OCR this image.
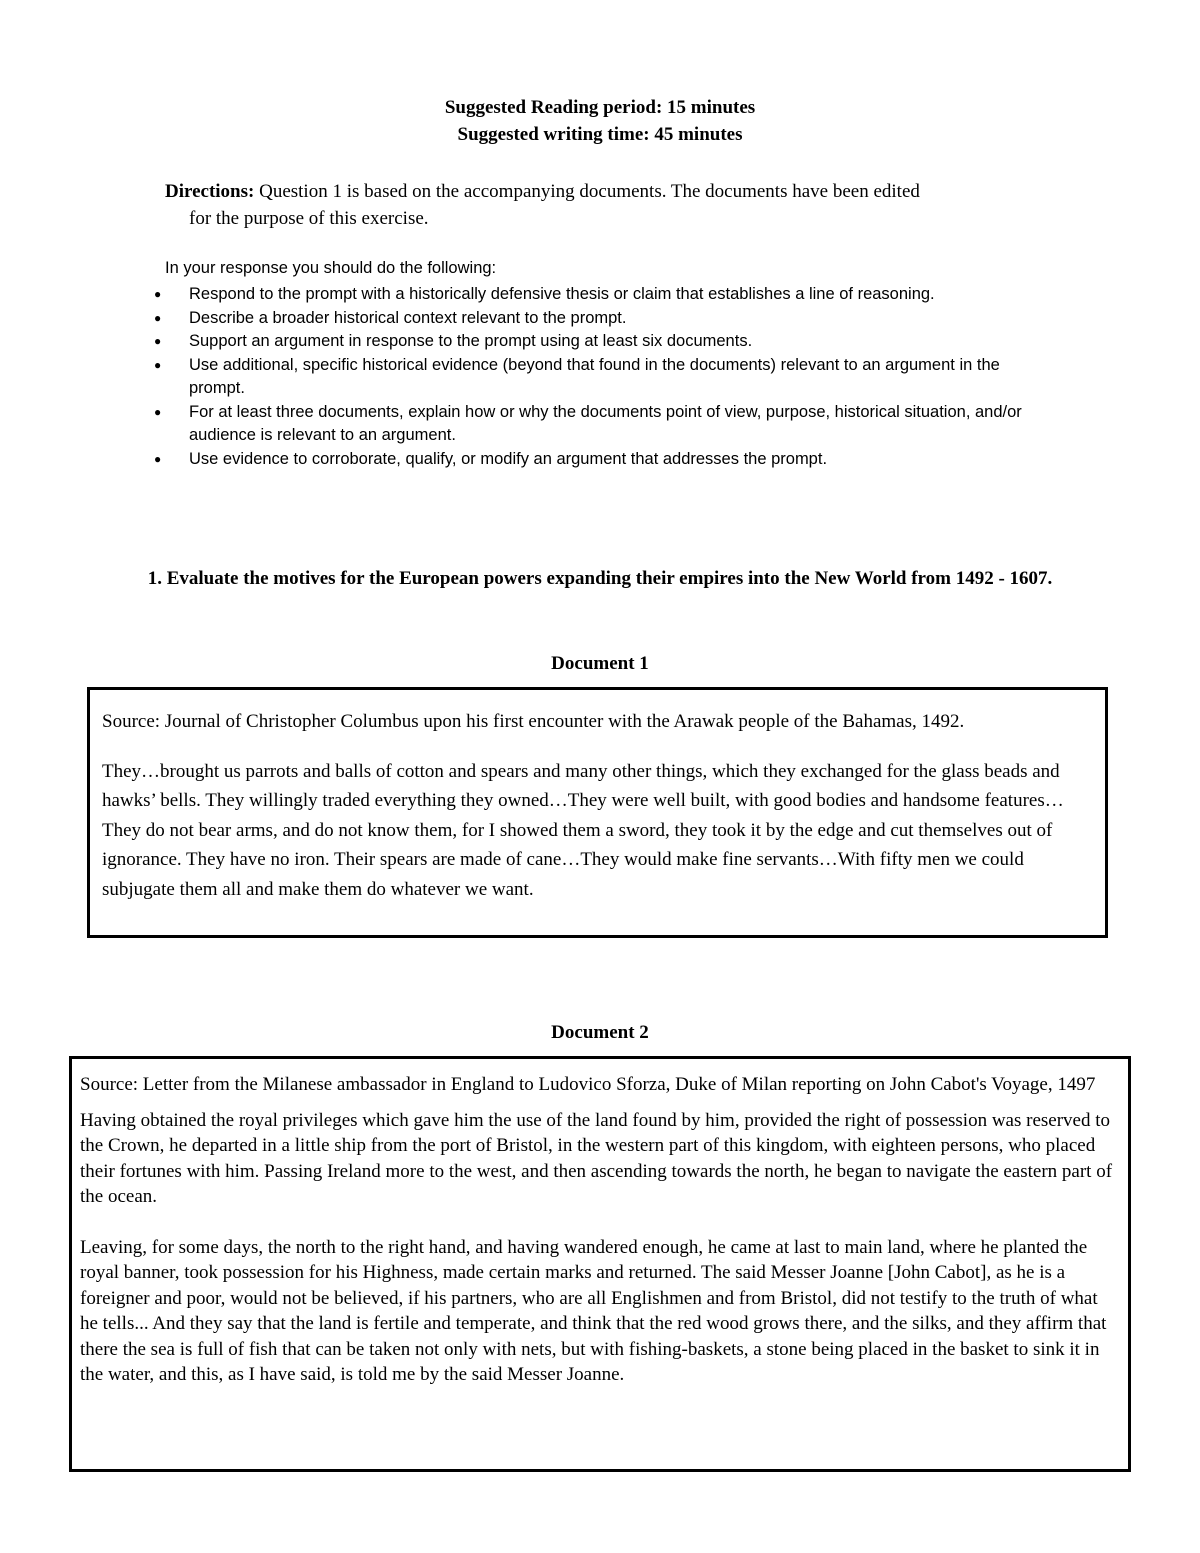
Suggested Reading period: 15 minutes
Suggested writing time: 45 minutes
Directions: Question 1 is based on the accompanying documents. The documents have been edited
for the purpose of this exercise.
In your response you should do the following:
● Respond to the prompt with a historically defensive thesis or claim that establishes a line of reasoning.
● Describe a broader historical context relevant to the prompt.
● Support an argument in response to the prompt using at least six documents.
● Use additional, specific historical evidence (beyond that found in the documents) relevant to an argument in the prompt.
● For at least three documents, explain how or why the documents point of view, purpose, historical situation, and/or audience is relevant to an argument.
● Use evidence to corroborate, qualify, or modify an argument that addresses the prompt.
1. Evaluate the motives for the European powers expanding their empires into the New World from 1492 - 1607.
Document 1

Source: Journal of Christopher Columbus upon his first encounter with the Arawak people of the Bahamas, 1492.

They…brought us parrots and balls of cotton and spears and many other things, which they exchanged for the glass beads and hawks’ bells. They willingly traded everything they owned…They were well built, with good bodies and handsome features…They do not bear arms, and do not know them, for I showed them a sword, they took it by the edge and cut themselves out of ignorance. They have no iron. Their spears are made of cane…They would make fine servants…With fifty men we could subjugate them all and make them do whatever we want.

Document 2

Source: Letter from the Milanese ambassador in England to Ludovico Sforza, Duke of Milan reporting on John Cabot's Voyage, 1497

Having obtained the royal privileges which gave him the use of the land found by him, provided the right of possession was reserved to the Crown, he departed in a little ship from the port of Bristol, in the western part of this kingdom, with eighteen persons, who placed their fortunes with him. Passing Ireland more to the west, and then ascending towards the north, he began to navigate the eastern part of the ocean.

Leaving, for some days, the north to the right hand, and having wandered enough, he came at last to main land, where he planted the royal banner, took possession for his Highness, made certain marks and returned. The said Messer Joanne [John Cabot], as he is a foreigner and poor, would not be believed, if his partners, who are all Englishmen and from Bristol, did not testify to the truth of what he tells... And they say that the land is fertile and temperate, and think that the red wood grows there, and the silks, and they affirm that there the sea is full of fish that can be taken not only with nets, but with fishing-baskets, a stone being placed in the basket to sink it in the water, and this, as I have said, is told me by the said Messer Joanne.
